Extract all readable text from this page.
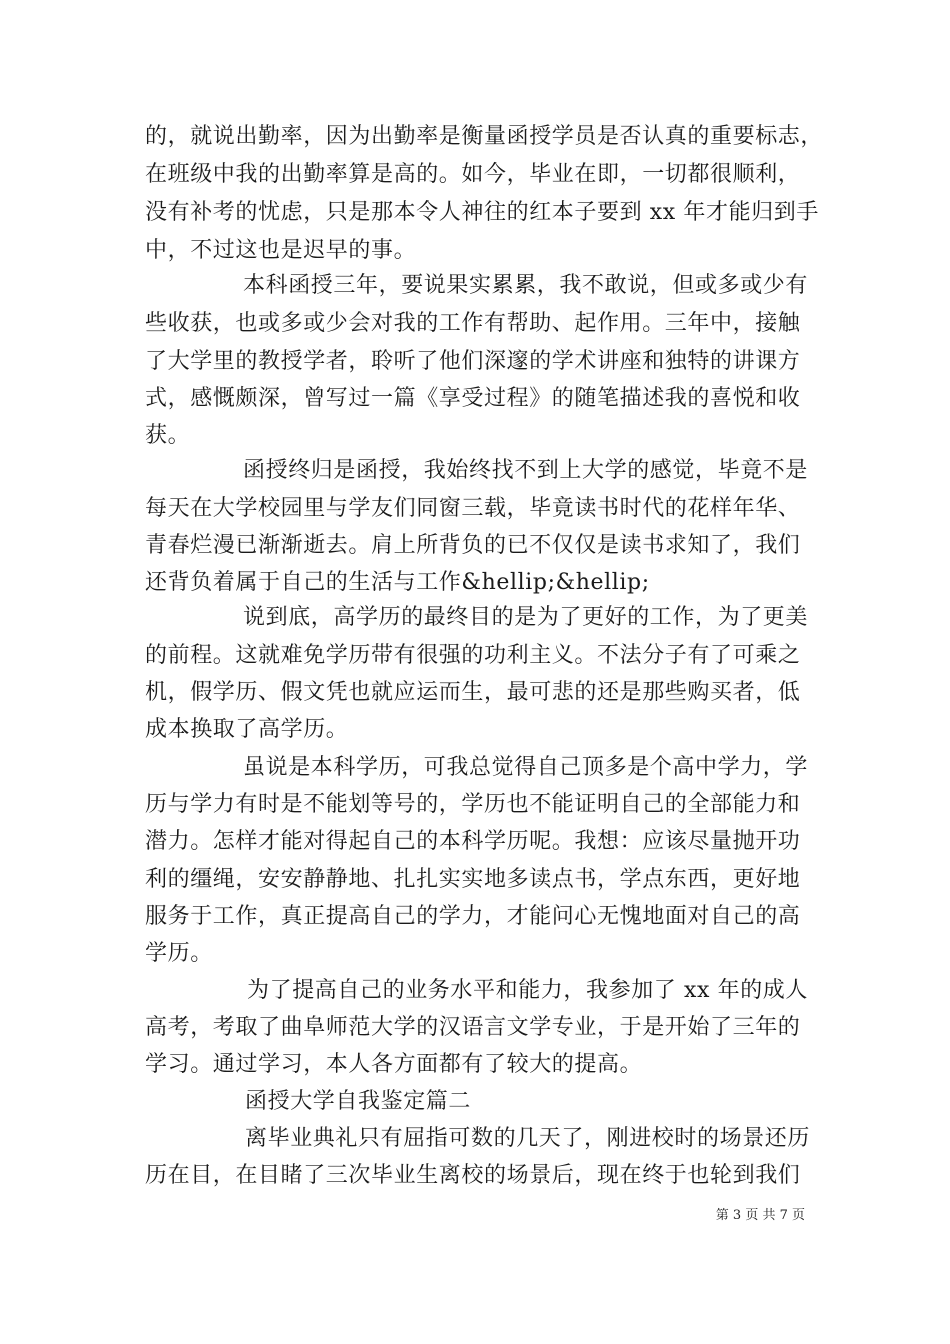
的，就说出勤率，因为出勤率是衡量函授学员是否认真的重要标志，
在班级中我的出勤率算是高的。如今，毕业在即，一切都很顺利，
没有补考的忧虑，只是那本令人神往的红本子要到 xx 年才能归到手
中，不过这也是迟早的事。
本科函授三年，要说果实累累，我不敢说，但或多或少有
些收获，也或多或少会对我的工作有帮助、起作用。三年中，接触
了大学里的教授学者，聆听了他们深邃的学术讲座和独特的讲课方
式，感慨颇深，曾写过一篇《享受过程》的随笔描述我的喜悦和收
获。
函授终归是函授，我始终找不到上大学的感觉，毕竟不是
每天在大学校园里与学友们同窗三载，毕竟读书时代的花样年华、
青春烂漫已渐渐逝去。肩上所背负的已不仅仅是读书求知了，我们
还背负着属于自己的生活与工作&hellip;&hellip;
说到底，高学历的最终目的是为了更好的工作，为了更美
的前程。这就难免学历带有很强的功利主义。不法分子有了可乘之
机，假学历、假文凭也就应运而生，最可悲的还是那些购买者，低
成本换取了高学历。
虽说是本科学历，可我总觉得自己顶多是个高中学力，学
历与学力有时是不能划等号的，学历也不能证明自己的全部能力和
潜力。怎样才能对得起自己的本科学历呢。我想：应该尽量抛开功
利的缰绳，安安静静地、扎扎实实地多读点书，学点东西，更好地
服务于工作，真正提高自己的学力，才能问心无愧地面对自己的高
学历。
为了提高自己的业务水平和能力，我参加了 xx 年的成人
高考，考取了曲阜师范大学的汉语言文学专业，于是开始了三年的
学习。通过学习，本人各方面都有了较大的提高。
函授大学自我鉴定篇二
离毕业典礼只有屈指可数的几天了，刚进校时的场景还历
历在目，在目睹了三次毕业生离校的场景后，现在终于也轮到我们
第 3 页 共 7 页
